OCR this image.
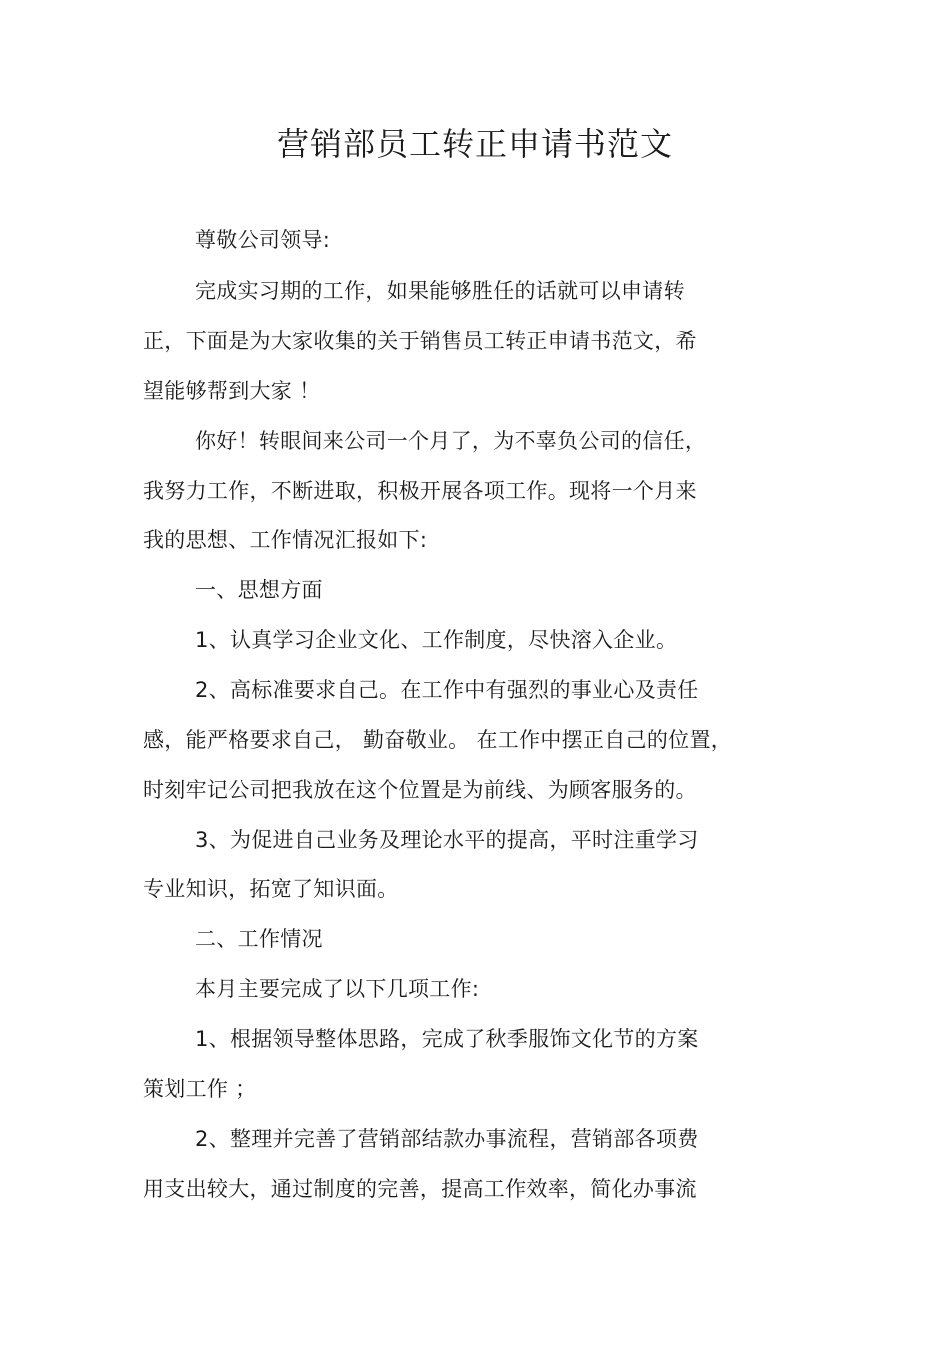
营销部员工转正申请书范文
尊敬公司领导:
完成实习期的工作，如果能够胜任的话就可以申请转
正，下面是为大家收集的关于销售员工转正申请书范文，希
望能够帮到大家 ！
你好！转眼间来公司一个月了，为不辜负公司的信任，
我努力工作，不断进取，积极开展各项工作。现将一个月来
我的思想、工作情况汇报如下:
一、思想方面
1、认真学习企业文化、工作制度，尽快溶入企业。
2、高标准要求自己。在工作中有强烈的事业心及责任
感，能严格要求自己， 勤奋敬业。 在工作中摆正自己的位置，
时刻牢记公司把我放在这个位置是为前线、为顾客服务的。
3、为促进自己业务及理论水平的提高，平时注重学习
专业知识，拓宽了知识面。
二、工作情况
本月主要完成了以下几项工作:
1、根据领导整体思路，完成了秋季服饰文化节的方案
策划工作 ；
2、整理并完善了营销部结款办事流程，营销部各项费
用支出较大，通过制度的完善，提高工作效率，简化办事流
